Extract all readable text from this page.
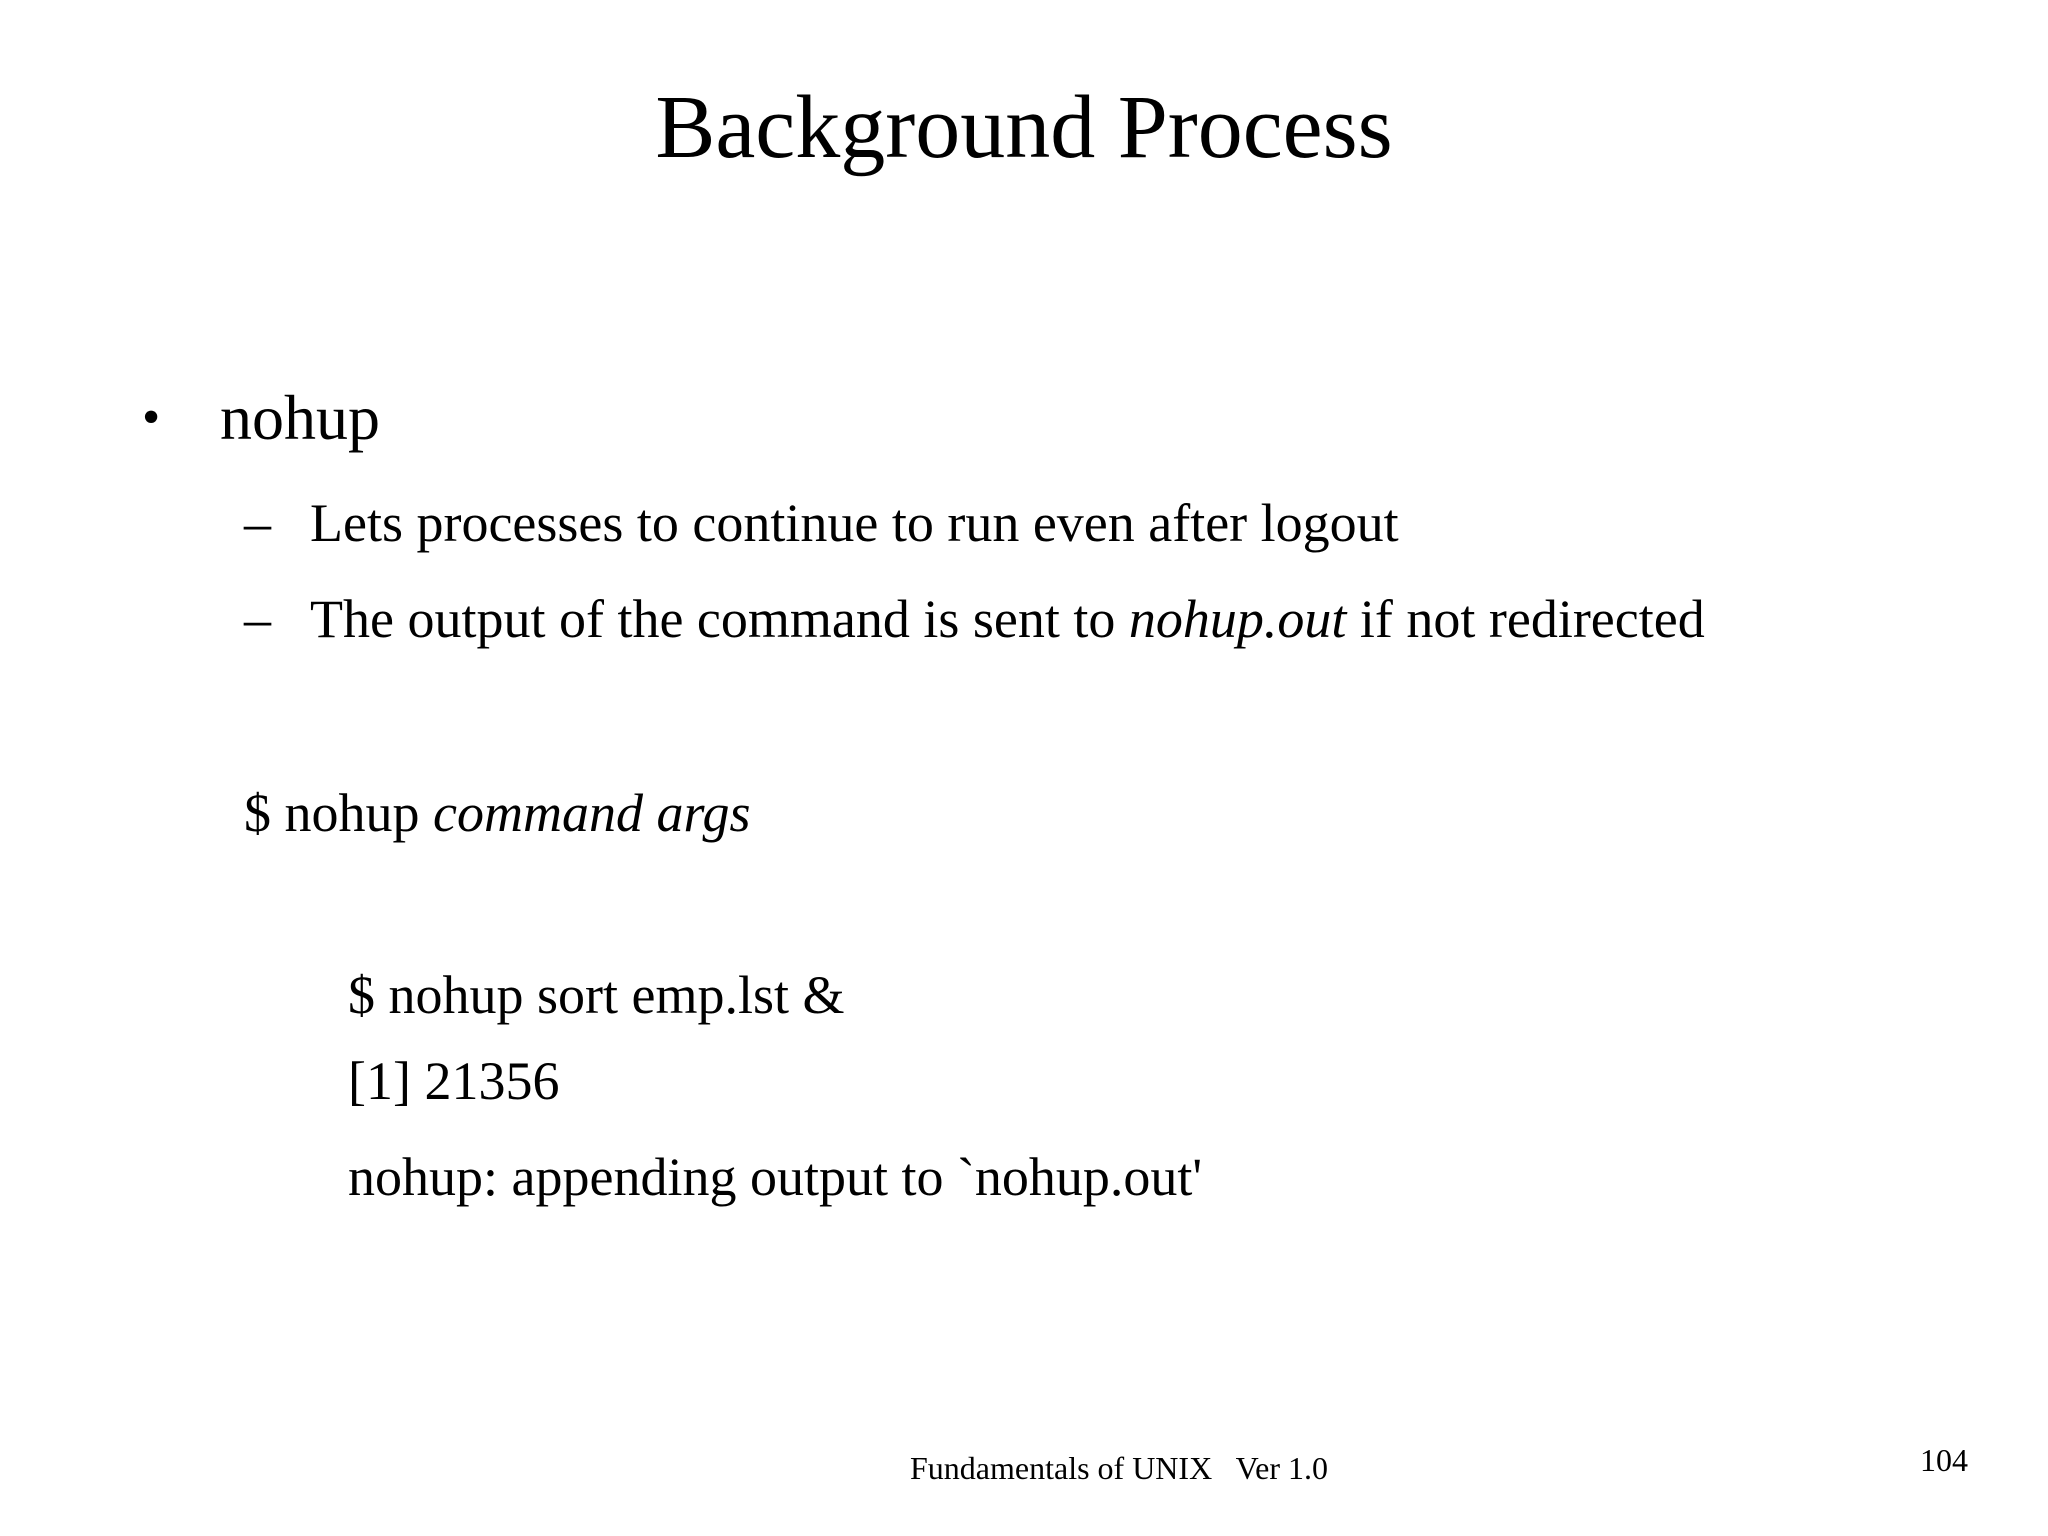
Background Process
• nohup
– Lets processes to continue to run even after logout
– The output of the command is sent to nohup.out if not redirected
$ nohup command args
$ nohup sort emp.lst &
[1] 21356
nohup: appending output to `nohup.out'
Fundamentals of UNIX   Ver 1.0	104
